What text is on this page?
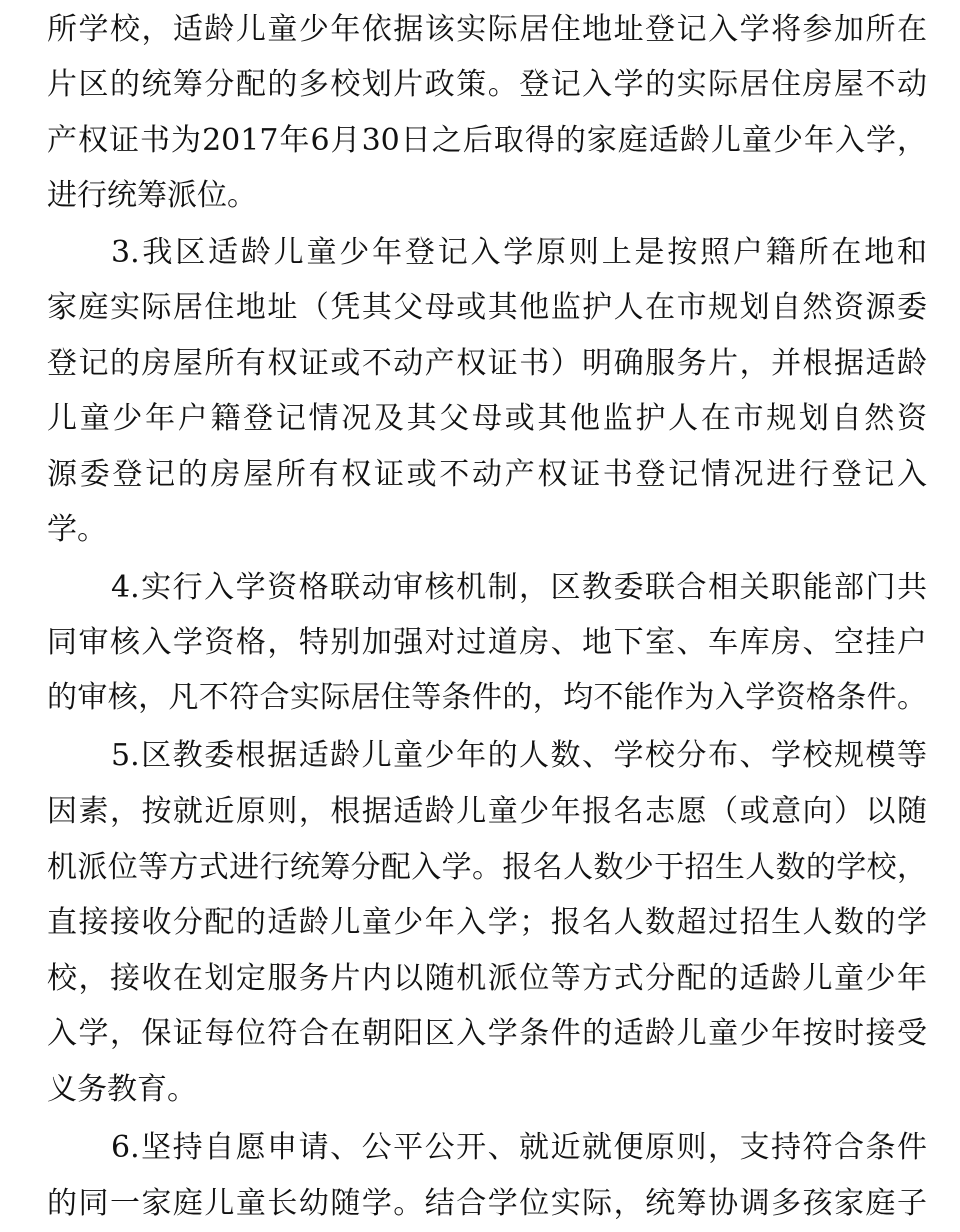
所学校，适龄儿童少年依据该实际居住地址登记入学将参加所在
片区的统筹分配的多校划片政策。登记入学的实际居住房屋不动
产权证书为2017年6月30日之后取得的家庭适龄儿童少年入学，
进行统筹派位。
3.我区适龄儿童少年登记入学原则上是按照户籍所在地和
家庭实际居住地址（凭其父母或其他监护人在市规划自然资源委
登记的房屋所有权证或不动产权证书）明确服务片，并根据适龄
儿童少年户籍登记情况及其父母或其他监护人在市规划自然资
源委登记的房屋所有权证或不动产权证书登记情况进行登记入
学。
4.实行入学资格联动审核机制，区教委联合相关职能部门共
同审核入学资格，特别加强对过道房、地下室、车库房、空挂户
的审核，凡不符合实际居住等条件的，均不能作为入学资格条件。
5.区教委根据适龄儿童少年的人数、学校分布、学校规模等
因素，按就近原则，根据适龄儿童少年报名志愿（或意向）以随
机派位等方式进行统筹分配入学。报名人数少于招生人数的学校，
直接接收分配的适龄儿童少年入学；报名人数超过招生人数的学
校，接收在划定服务片内以随机派位等方式分配的适龄儿童少年
入学，保证每位符合在朝阳区入学条件的适龄儿童少年按时接受
义务教育。
6.坚持自愿申请、公平公开、就近就便原则，支持符合条件
的同一家庭儿童长幼随学。结合学位实际，统筹协调多孩家庭子
